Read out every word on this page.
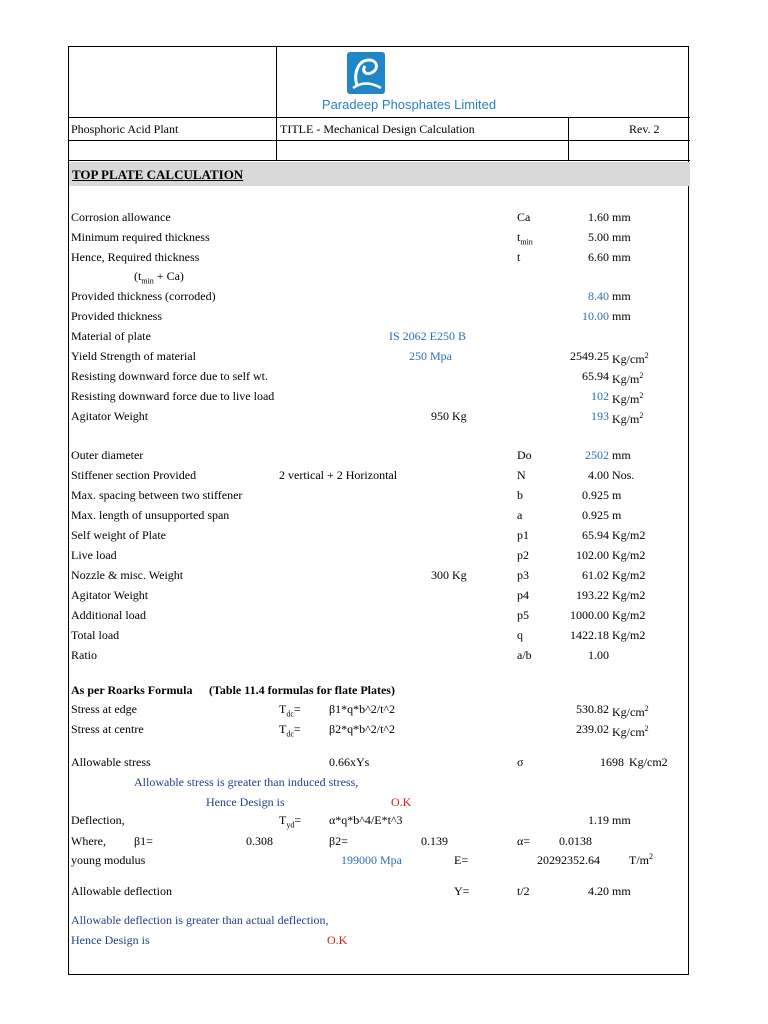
Paradeep Phosphates Limited
Phosphoric Acid Plant	TITLE - Mechanical Design Calculation	Rev. 2
TOP PLATE CALCULATION
Corrosion allowance	Ca	1.60 mm
Minimum required thickness	$t_{min}$	5.00 mm
Hence, Required thickness	t	6.60 mm
$(t_{min} + Ca)$
Provided thickness (corroded)	8.40 mm
Provided thickness	10.00 mm
Material of plate	IS 2062 E250 B
Yield Strength of material	250 Mpa	2549.25 $Kg/cm^2$
Resisting downward force due to self wt.	65.94 $Kg/m^2$
Resisting downward force due to live load	102 $Kg/m^2$
Agitator Weight	950 Kg	193 $Kg/m^2$
Outer diameter	Do	2502 mm
Stiffener section Provided	2 vertical + 2 Horizontal	N	4.00 Nos.
Max. spacing between two stiffener	b	0.925 m
Max. length of unsupported span	a	0.925 m
Self weight of Plate	p1	65.94 Kg/m2
Live load	p2	102.00 Kg/m2
Nozzle & misc. Weight	300 Kg	p3	61.02 Kg/m2
Agitator Weight	p4	193.22 Kg/m2
Additional load	p5	1000.00 Kg/m2
Total load	q	1422.18 Kg/m2
Ratio	a/b	1.00
As per Roarks Formula (Table 11.4 formulas for flate Plates)
Stress at edge	$T_{dc}=$ β1*q*b^2/t^2	530.82 $Kg/cm^2$
Stress at centre	$T_{dc}=$ β2*q*b^2/t^2	239.02 $Kg/cm^2$
Allowable stress	0.66xYs	σ	1698 Kg/cm2
Allowable stress is greater than induced stress,
Hence Design is	O.K
Deflection,	$T_{yd}=$ α*q*b^4/E*t^3	1.19 mm
Where, β1=	0.308	β2=	0.139	α= 0.0138
young modulus	199000 Mpa	E=	20292352.64 $T/m^2$
Allowable deflection	Y=	t/2	4.20 mm
Allowable deflection is greater than actual deflection,
Hence Design is	O.K
